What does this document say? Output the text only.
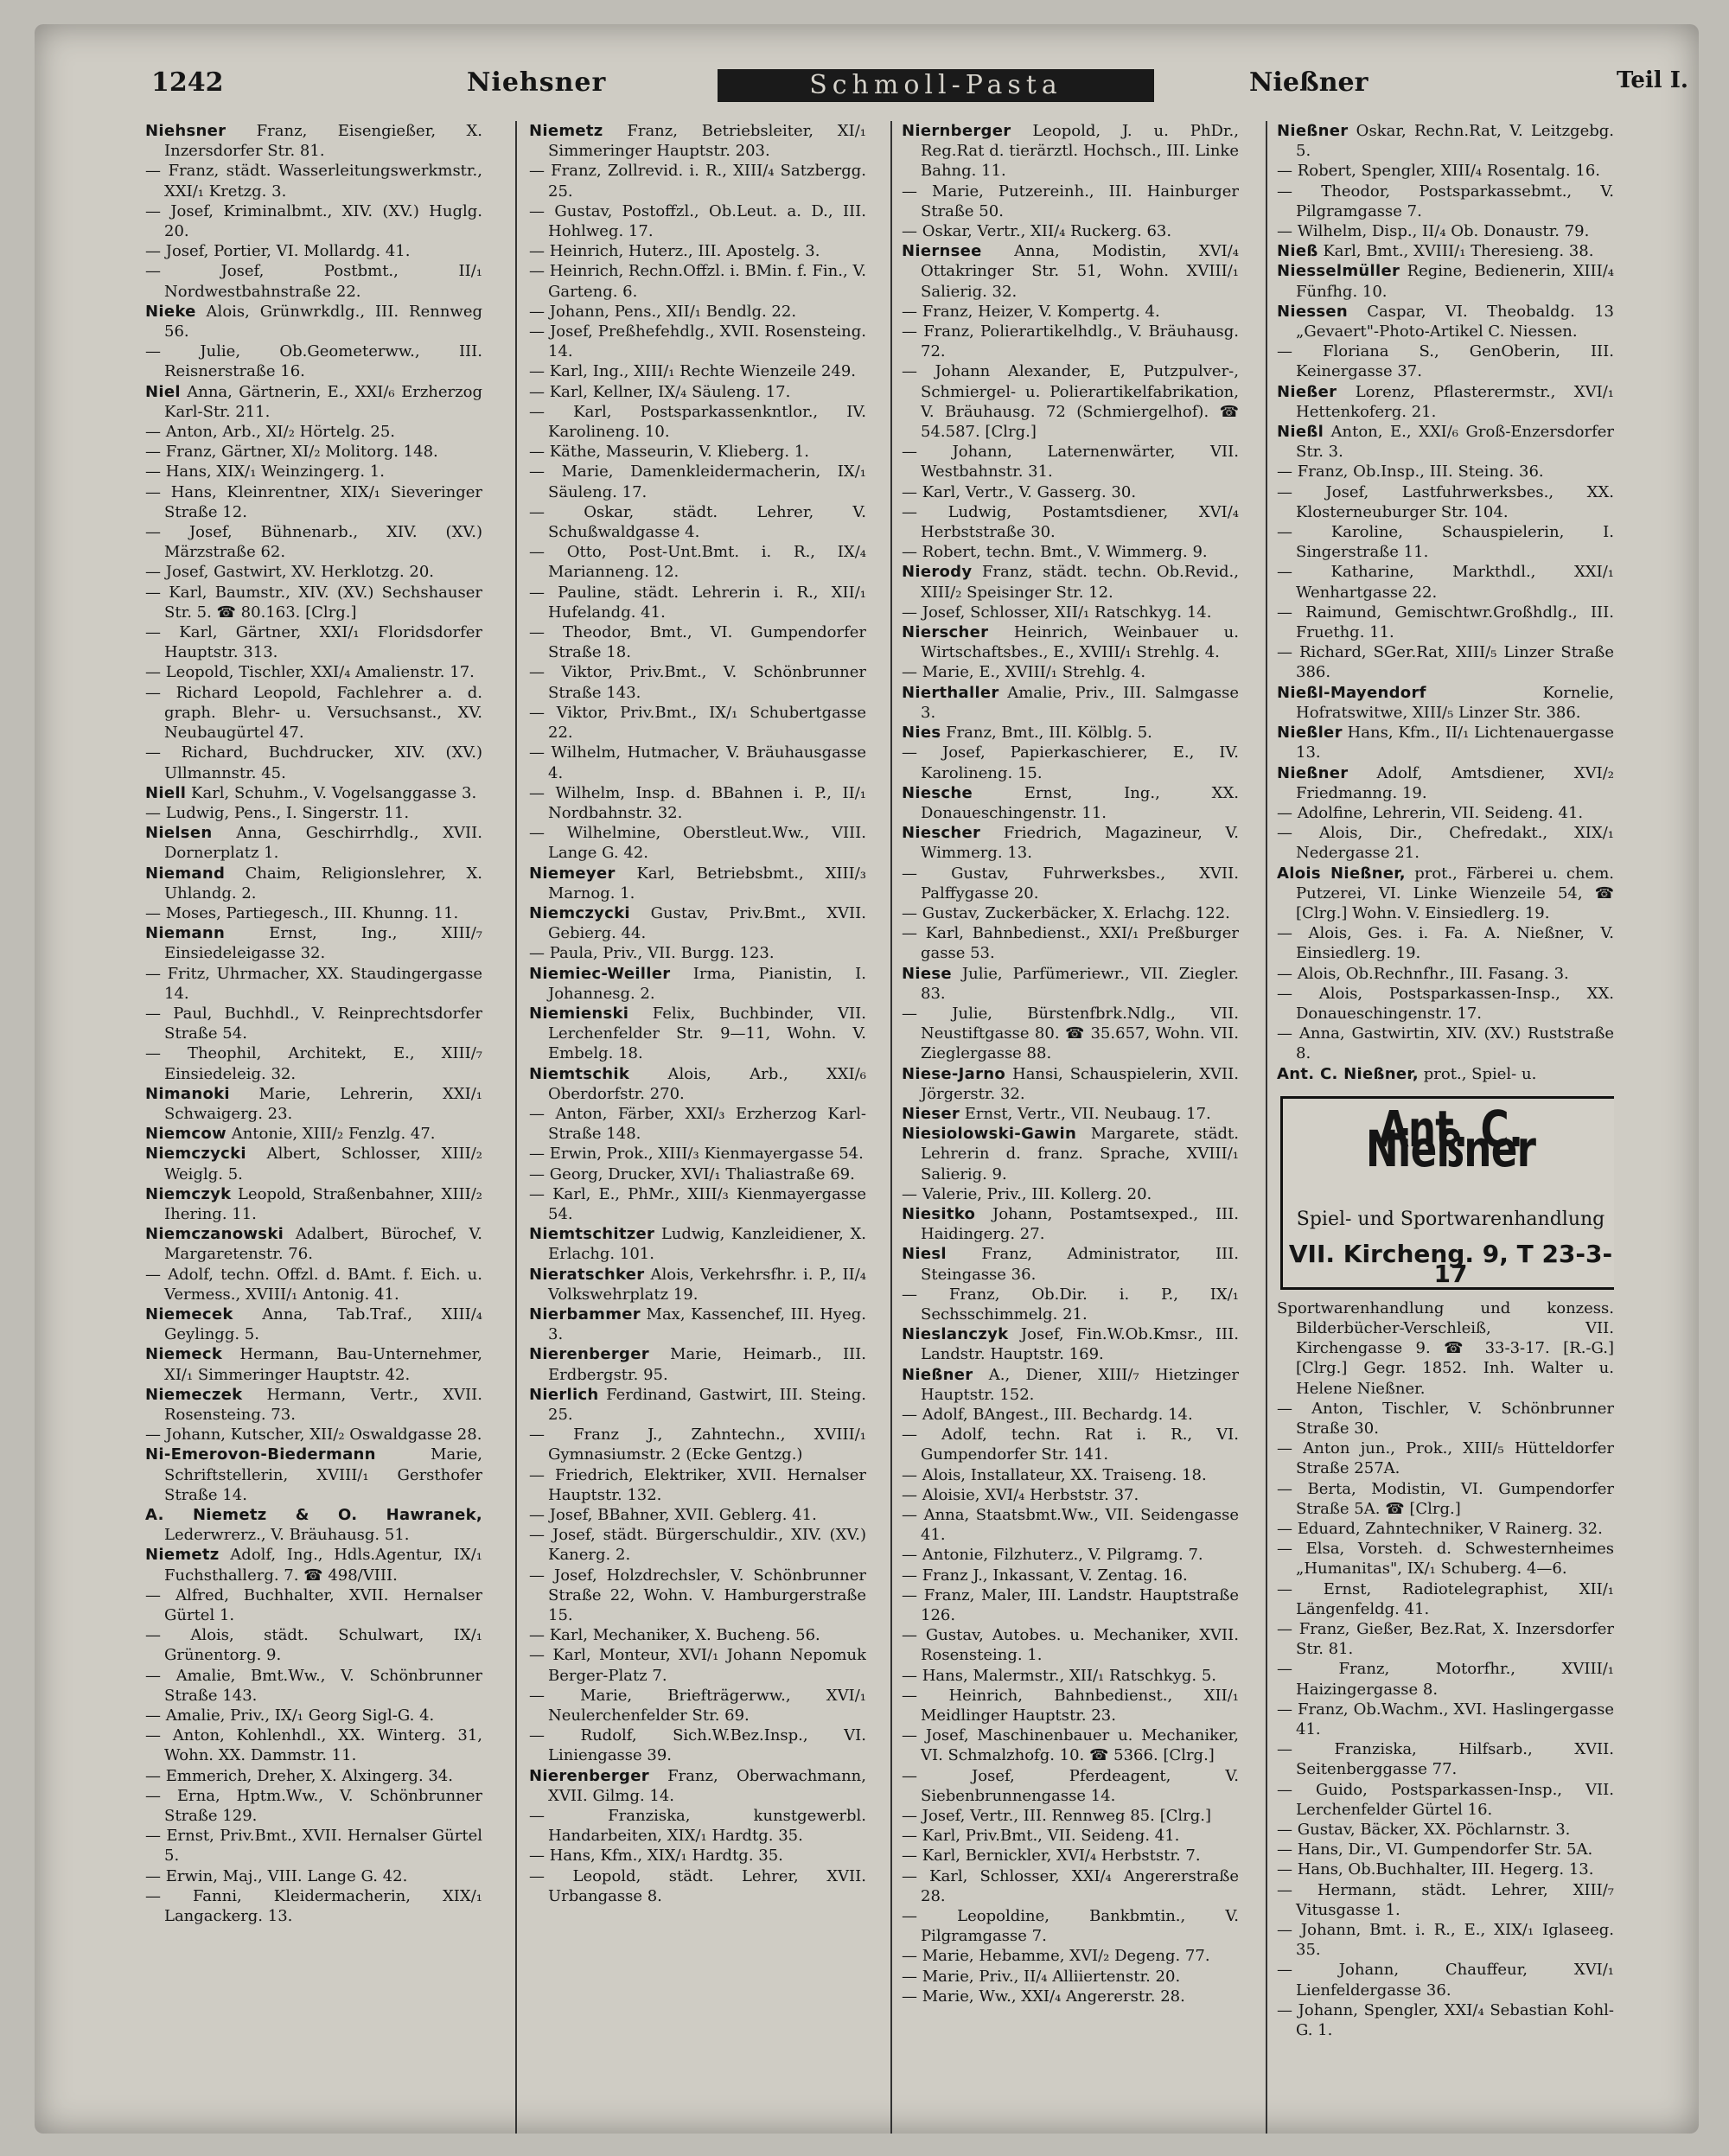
1242	Niehsner	Schmoll-Pasta	Nießner	Teil I.

Niehsner Franz, Eisengießer, X. Inzersdorfer Str. 81.

— Franz, städt. Wasserleitungswerkmstr., XXI/₁ Kretzg. 3.

— Josef, Kriminalbmt., XIV. (XV.) Huglg. 20.

— Josef, Portier, VI. Mollardg. 41.

— Josef, Postbmt., II/₁ Nordwestbahnstraße 22.

Nieke Alois, Grünwrkdlg., III. Rennweg 56.

— Julie, Ob.Geometerww., III. Reisnerstraße 16.

Niel Anna, Gärtnerin, E., XXI/₆ Erzherzog Karl-Str. 211.

— Anton, Arb., XI/₂ Hörtelg. 25.

— Franz, Gärtner, XI/₂ Molitorg. 148.

— Hans, XIX/₁ Weinzingerg. 1.

— Hans, Kleinrentner, XIX/₁ Sieveringer Straße 12.

— Josef, Bühnenarb., XIV. (XV.) Märzstraße 62.

— Josef, Gastwirt, XV. Herklotzg. 20.

— Karl, Baumstr., XIV. (XV.) Sechshauser Str. 5. ☎ 80.163. [Clrg.]

— Karl, Gärtner, XXI/₁ Floridsdorfer Hauptstr. 313.

— Leopold, Tischler, XXI/₄ Amalienstr. 17.

— Richard Leopold, Fachlehrer a. d. graph. Blehr- u. Versuchsanst., XV. Neubaugürtel 47.

— Richard, Buchdrucker, XIV. (XV.) Ullmannstr. 45.

Niell Karl, Schuhm., V. Vogelsanggasse 3.

— Ludwig, Pens., I. Singerstr. 11.

Nielsen Anna, Geschirrhdlg., XVII. Dornerplatz 1.

Niemand Chaim, Religionslehrer, X. Uhlandg. 2.

— Moses, Partiegesch., III. Khunng. 11.

Niemann Ernst, Ing., XIII/₇ Einsiedeleigasse 32.

— Fritz, Uhrmacher, XX. Staudingergasse 14.

— Paul, Buchhdl., V. Reinprechtsdorfer Straße 54.

— Theophil, Architekt, E., XIII/₇ Einsiedeleig. 32.

Nimanoki Marie, Lehrerin, XXI/₁ Schwaigerg. 23.

Niemcow Antonie, XIII/₂ Fenzlg. 47.

Niemczycki Albert, Schlosser, XIII/₂ Weiglg. 5.

Niemczyk Leopold, Straßenbahner, XIII/₂ Ihering. 11.

Niemczanowski Adalbert, Bürochef, V. Margaretenstr. 76.

— Adolf, techn. Offzl. d. BAmt. f. Eich. u. Vermess., XVIII/₁ Antonig. 41.

Niemecek Anna, Tab.Traf., XIII/₄ Geylingg. 5.

Niemeck Hermann, Bau-Unternehmer, XI/₁ Simmeringer Hauptstr. 42.

Niemeczek Hermann, Vertr., XVII. Rosensteing. 73.

— Johann, Kutscher, XII/₂ Oswaldgasse 28.

Ni-Emerovon-Biedermann Marie, Schriftstellerin, XVIII/₁ Gersthofer Straße 14.

A. Niemetz & O. Hawranek, Lederwrerz., V. Bräuhausg. 51.

Niemetz Adolf, Ing., Hdls.Agentur, IX/₁ Fuchsthallerg. 7. ☎ 498/VIII.

— Alfred, Buchhalter, XVII. Hernalser Gürtel 1.

— Alois, städt. Schulwart, IX/₁ Grünentorg. 9.

— Amalie, Bmt.Ww., V. Schönbrunner Straße 143.

— Amalie, Priv., IX/₁ Georg Sigl-G. 4.

— Anton, Kohlenhdl., XX. Winterg. 31, Wohn. XX. Dammstr. 11.

— Emmerich, Dreher, X. Alxingerg. 34.

— Erna, Hptm.Ww., V. Schönbrunner Straße 129.

— Ernst, Priv.Bmt., XVII. Hernalser Gürtel 5.

— Erwin, Maj., VIII. Lange G. 42.

— Fanni, Kleidermacherin, XIX/₁ Langackerg. 13.

Niemetz Franz, Betriebsleiter, XI/₁ Simmeringer Hauptstr. 203.

— Franz, Zollrevid. i. R., XIII/₄ Satzbergg. 25.

— Gustav, Postoffzl., Ob.Leut. a. D., III. Hohlweg. 17.

— Heinrich, Huterz., III. Apostelg. 3.

— Heinrich, Rechn.Offzl. i. BMin. f. Fin., V. Garteng. 6.

— Johann, Pens., XII/₁ Bendlg. 22.

— Josef, Preßhefehdlg., XVII. Rosensteing. 14.

— Karl, Ing., XIII/₁ Rechte Wienzeile 249.

— Karl, Kellner, IX/₄ Säuleng. 17.

— Karl, Postsparkassenkntlor., IV. Karolineng. 10.

— Käthe, Masseurin, V. Klieberg. 1.

— Marie, Damenkleidermacherin, IX/₁ Säuleng. 17.

— Oskar, städt. Lehrer, V. Schußwaldgasse 4.

— Otto, Post-Unt.Bmt. i. R., IX/₄ Marianneng. 12.

— Pauline, städt. Lehrerin i. R., XII/₁ Hufelandg. 41.

— Theodor, Bmt., VI. Gumpendorfer Straße 18.

— Viktor, Priv.Bmt., V. Schönbrunner Straße 143.

— Viktor, Priv.Bmt., IX/₁ Schubertgasse 22.

— Wilhelm, Hutmacher, V. Bräuhausgasse 4.

— Wilhelm, Insp. d. BBahnen i. P., II/₁ Nordbahnstr. 32.

— Wilhelmine, Oberstleut.Ww., VIII. Lange G. 42.

Niemeyer Karl, Betriebsbmt., XIII/₃ Marnog. 1.

Niemczycki Gustav, Priv.Bmt., XVII. Gebierg. 44.

— Paula, Priv., VII. Burgg. 123.

Niemiec-Weiller Irma, Pianistin, I. Johannesg. 2.

Niemienski Felix, Buchbinder, VII. Lerchenfelder Str. 9—11, Wohn. V. Embelg. 18.

Niemtschik Alois, Arb., XXI/₆ Oberdorfstr. 270.

— Anton, Färber, XXI/₃ Erzherzog Karl-Straße 148.

— Erwin, Prok., XIII/₃ Kienmayergasse 54.

— Georg, Drucker, XVI/₁ Thaliastraße 69.

— Karl, E., PhMr., XIII/₃ Kienmayergasse 54.

Niemtschitzer Ludwig, Kanzleidiener, X. Erlachg. 101.

Nieratschker Alois, Verkehrsfhr. i. P., II/₄ Volkswehrplatz 19.

Nierbammer Max, Kassenchef, III. Hyeg. 3.

Nierenberger Marie, Heimarb., III. Erdbergstr. 95.

Nierlich Ferdinand, Gastwirt, III. Steing. 25.

— Franz J., Zahntechn., XVIII/₁ Gymnasiumstr. 2 (Ecke Gentzg.)

— Friedrich, Elektriker, XVII. Hernalser Hauptstr. 132.

— Josef, BBahner, XVII. Geblerg. 41.

— Josef, städt. Bürgerschuldir., XIV. (XV.) Kanerg. 2.

— Josef, Holzdrechsler, V. Schönbrunner Straße 22, Wohn. V. Hamburgerstraße 15.

— Karl, Mechaniker, X. Bucheng. 56.

— Karl, Monteur, XVI/₁ Johann Nepomuk Berger-Platz 7.

— Marie, Briefträgerww., XVI/₁ Neulerchenfelder Str. 69.

— Rudolf, Sich.W.Bez.Insp., VI. Liniengasse 39.

Nierenberger Franz, Oberwachmann, XVII. Gilmg. 14.

— Franziska, kunstgewerbl. Handarbeiten, XIX/₁ Hardtg. 35.

— Hans, Kfm., XIX/₁ Hardtg. 35.

— Leopold, städt. Lehrer, XVII. Urbangasse 8.

Niernberger Leopold, J. u. PhDr., Reg.Rat d. tierärztl. Hochsch., III. Linke Bahng. 11.

— Marie, Putzereinh., III. Hainburger Straße 50.

— Oskar, Vertr., XII/₄ Ruckerg. 63.

Niernsee Anna, Modistin, XVI/₄ Ottakringer Str. 51, Wohn. XVIII/₁ Salierig. 32.

— Franz, Heizer, V. Kompertg. 4.

— Franz, Polierartikelhdlg., V. Bräuhausg. 72.

— Johann Alexander, E, Putzpulver-, Schmiergel- u. Polierartikelfabrikation, V. Bräuhausg. 72 (Schmiergelhof). ☎ 54.587. [Clrg.]

— Johann, Laternenwärter, VII. Westbahnstr. 31.

— Karl, Vertr., V. Gasserg. 30.

— Ludwig, Postamtsdiener, XVI/₄ Herbststraße 30.

— Robert, techn. Bmt., V. Wimmerg. 9.

Nierody Franz, städt. techn. Ob.Revid., XIII/₂ Speisinger Str. 12.

— Josef, Schlosser, XII/₁ Ratschkyg. 14.

Nierscher Heinrich, Weinbauer u. Wirtschaftsbes., E., XVIII/₁ Strehlg. 4.

— Marie, E., XVIII/₁ Strehlg. 4.

Nierthaller Amalie, Priv., III. Salmgasse 3.

Nies Franz, Bmt., III. Kölblg. 5.

— Josef, Papierkaschierer, E., IV. Karolineng. 15.

Niesche Ernst, Ing., XX. Donaueschingenstr. 11.

Niescher Friedrich, Magazineur, V. Wimmerg. 13.

— Gustav, Fuhrwerksbes., XVII. Palffygasse 20.

— Gustav, Zuckerbäcker, X. Erlachg. 122.

— Karl, Bahnbedienst., XXI/₁ Preßburger gasse 53.

Niese Julie, Parfümeriewr., VII. Ziegler. 83.

— Julie, Bürstenfbrk.Ndlg., VII. Neustiftgasse 80. ☎ 35.657, Wohn. VII. Zieglergasse 88.

Niese-Jarno Hansi, Schauspielerin, XVII. Jörgerstr. 32.

Nieser Ernst, Vertr., VII. Neubaug. 17.

Niesiolowski-Gawin Margarete, städt. Lehrerin d. franz. Sprache, XVIII/₁ Salierig. 9.

— Valerie, Priv., III. Kollerg. 20.

Niesitko Johann, Postamtsexped., III. Haidingerg. 27.

Niesl Franz, Administrator, III. Steingasse 36.

— Franz, Ob.Dir. i. P., IX/₁ Sechsschimmelg. 21.

Nieslanczyk Josef, Fin.W.Ob.Kmsr., III. Landstr. Hauptstr. 169.

Nießner A., Diener, XIII/₇ Hietzinger Hauptstr. 152.

— Adolf, BAngest., III. Bechardg. 14.

— Adolf, techn. Rat i. R., VI. Gumpendorfer Str. 141.

— Alois, Installateur, XX. Traiseng. 18.

— Aloisie, XVI/₄ Herbststr. 37.

— Anna, Staatsbmt.Ww., VII. Seidengasse 41.

— Antonie, Filzhuterz., V. Pilgramg. 7.

— Franz J., Inkassant, V. Zentag. 16.

— Franz, Maler, III. Landstr. Hauptstraße 126.

— Gustav, Autobes. u. Mechaniker, XVII. Rosensteing. 1.

— Hans, Malermstr., XII/₁ Ratschkyg. 5.

— Heinrich, Bahnbedienst., XII/₁ Meidlinger Hauptstr. 23.

— Josef, Maschinenbauer u. Mechaniker, VI. Schmalzhofg. 10. ☎ 5366. [Clrg.]

— Josef, Pferdeagent, V. Siebenbrunnengasse 14.

— Josef, Vertr., III. Rennweg 85. [Clrg.]

— Karl, Priv.Bmt., VII. Seideng. 41.

— Karl, Bernickler, XVI/₄ Herbststr. 7.

— Karl, Schlosser, XXI/₄ Angererstraße 28.

— Leopoldine, Bankbmtin., V. Pilgramgasse 7.

— Marie, Hebamme, XVI/₂ Degeng. 77.

— Marie, Priv., II/₄ Alliiertenstr. 20.

— Marie, Ww., XXI/₄ Angererstr. 28.

Nießner Oskar, Rechn.Rat, V. Leitzgebg. 5.

— Robert, Spengler, XIII/₄ Rosentalg. 16.

— Theodor, Postsparkassebmt., V. Pilgramgasse 7.

— Wilhelm, Disp., II/₄ Ob. Donaustr. 79.

Nieß Karl, Bmt., XVIII/₁ Theresieng. 38.

Niesselmüller Regine, Bedienerin, XIII/₄ Fünfhg. 10.

Niessen Caspar, VI. Theobaldg. 13 „Gevaert"-Photo-Artikel C. Niessen.

— Floriana S., GenOberin, III. Keinergasse 37.

Nießer Lorenz, Pflasterermstr., XVI/₁ Hettenkoferg. 21.

Nießl Anton, E., XXI/₆ Groß-Enzersdorfer Str. 3.

— Franz, Ob.Insp., III. Steing. 36.

— Josef, Lastfuhrwerksbes., XX. Klosterneuburger Str. 104.

— Karoline, Schauspielerin, I. Singerstraße 11.

— Katharine, Markthdl., XXI/₁ Wenhartgasse 22.

— Raimund, Gemischtwr.Großhdlg., III. Fruethg. 11.

— Richard, SGer.Rat, XIII/₅ Linzer Straße 386.

Nießl-Mayendorf Kornelie, Hofratswitwe, XIII/₅ Linzer Str. 386.

Nießler Hans, Kfm., II/₁ Lichtenauergasse 13.

Nießner Adolf, Amtsdiener, XVI/₂ Friedmanng. 19.

— Adolfine, Lehrerin, VII. Seideng. 41.

— Alois, Dir., Chefredakt., XIX/₁ Nedergasse 21.

Alois Nießner, prot., Färberei u. chem. Putzerei, VI. Linke Wienzeile 54, ☎ [Clrg.] Wohn. V. Einsiedlerg. 19.

— Alois, Ges. i. Fa. A. Nießner, V. Einsiedlerg. 19.

— Alois, Ob.Rechnfhr., III. Fasang. 3.

— Alois, Postsparkassen-Insp., XX. Donaueschingenstr. 17.

— Anna, Gastwirtin, XIV. (XV.) Ruststraße 8.

Ant. C. Nießner, prot., Spiel- u.

Ant. C. Nießner
Spiel- und Sportwarenhandlung
VII. Kircheng. 9, T 23-3-17

Sportwarenhandlung und konzess. Bilderbücher-Verschleiß, VII. Kirchengasse 9. ☎ 33-3-17. [R.-G.] [Clrg.] Gegr. 1852. Inh. Walter u. Helene Nießner.

— Anton, Tischler, V. Schönbrunner Straße 30.

— Anton jun., Prok., XIII/₅ Hütteldorfer Straße 257A.

— Berta, Modistin, VI. Gumpendorfer Straße 5A. ☎ [Clrg.]

— Eduard, Zahntechniker, V Rainerg. 32.

— Elsa, Vorsteh. d. Schwesternheimes „Humanitas", IX/₁ Schuberg. 4—6.

— Ernst, Radiotelegraphist, XII/₁ Längenfeldg. 41.

— Franz, Gießer, Bez.Rat, X. Inzersdorfer Str. 81.

— Franz, Motorfhr., XVIII/₁ Haizingergasse 8.

— Franz, Ob.Wachm., XVI. Haslingergasse 41.

— Franziska, Hilfsarb., XVII. Seitenberggasse 77.

— Guido, Postsparkassen-Insp., VII. Lerchenfelder Gürtel 16.

— Gustav, Bäcker, XX. Pöchlarnstr. 3.

— Hans, Dir., VI. Gumpendorfer Str. 5A.

— Hans, Ob.Buchhalter, III. Hegerg. 13.

— Hermann, städt. Lehrer, XIII/₇ Vitusgasse 1.

— Johann, Bmt. i. R., E., XIX/₁ Iglaseeg. 35.

— Johann, Chauffeur, XVI/₁ Lienfeldergasse 36.

— Johann, Spengler, XXI/₄ Sebastian Kohl-G. 1.
